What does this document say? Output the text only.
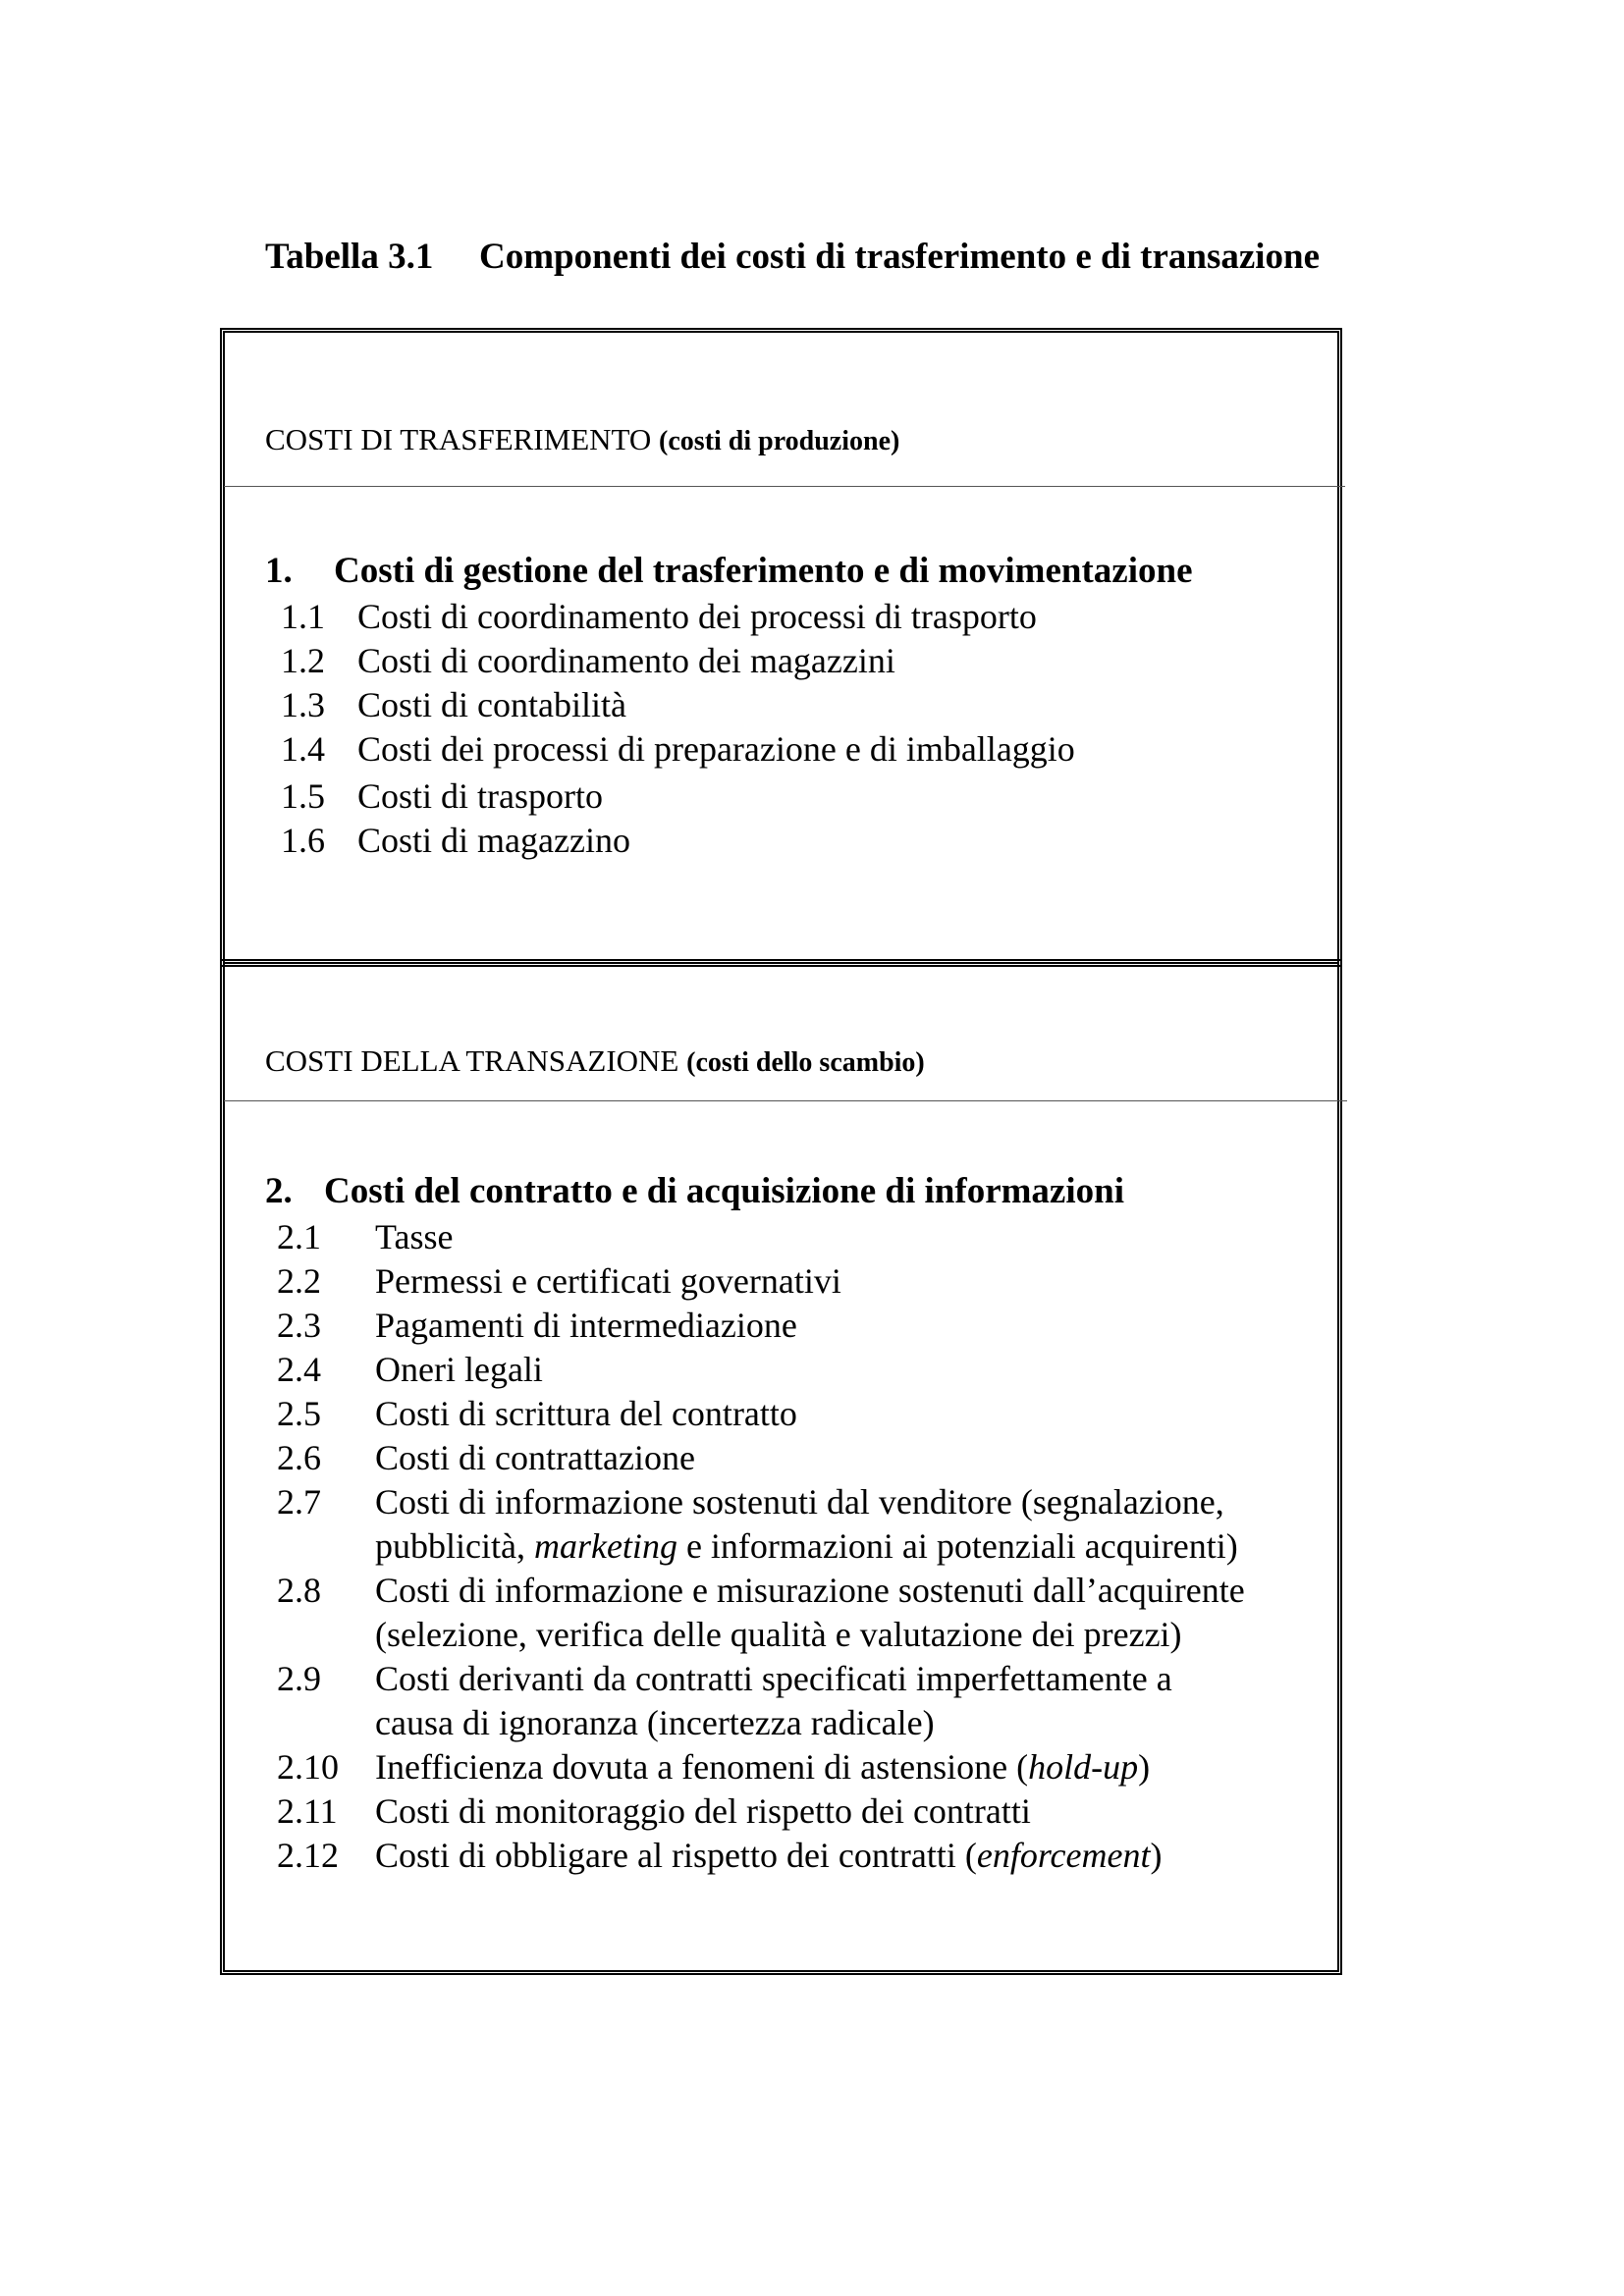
Tabella 3.1 Componenti dei costi di trasferimento e di transazione
COSTI DI TRASFERIMENTO (costi di produzione)
1. Costi di gestione del trasferimento e di movimentazione
1.1 Costi di coordinamento dei processi di trasporto
1.2 Costi di coordinamento dei magazzini
1.3 Costi di contabilità
1.4 Costi dei processi di preparazione e di imballaggio
1.5 Costi di trasporto
1.6 Costi di magazzino
COSTI DELLA TRANSAZIONE (costi dello scambio)
2. Costi del contratto e di acquisizione di informazioni
2.1	Tasse
2.2	Permessi e certificati governativi
2.3	Pagamenti di intermediazione
2.4	Oneri legali
2.5	Costi di scrittura del contratto
2.6	Costi di contrattazione
2.7	Costi di informazione sostenuti dal venditore (segnalazione,
pubblicità, marketing e informazioni ai potenziali acquirenti)
2.8	Costi di informazione e misurazione sostenuti dall’acquirente
(selezione, verifica delle qualità e valutazione dei prezzi)
2.9	Costi derivanti da contratti specificati imperfettamente a
causa di ignoranza (incertezza radicale)
2.10	Inefficienza dovuta a fenomeni di astensione (hold-up)
2.11	Costi di monitoraggio del rispetto dei contratti
2.12	Costi di obbligare al rispetto dei contratti (enforcement)
